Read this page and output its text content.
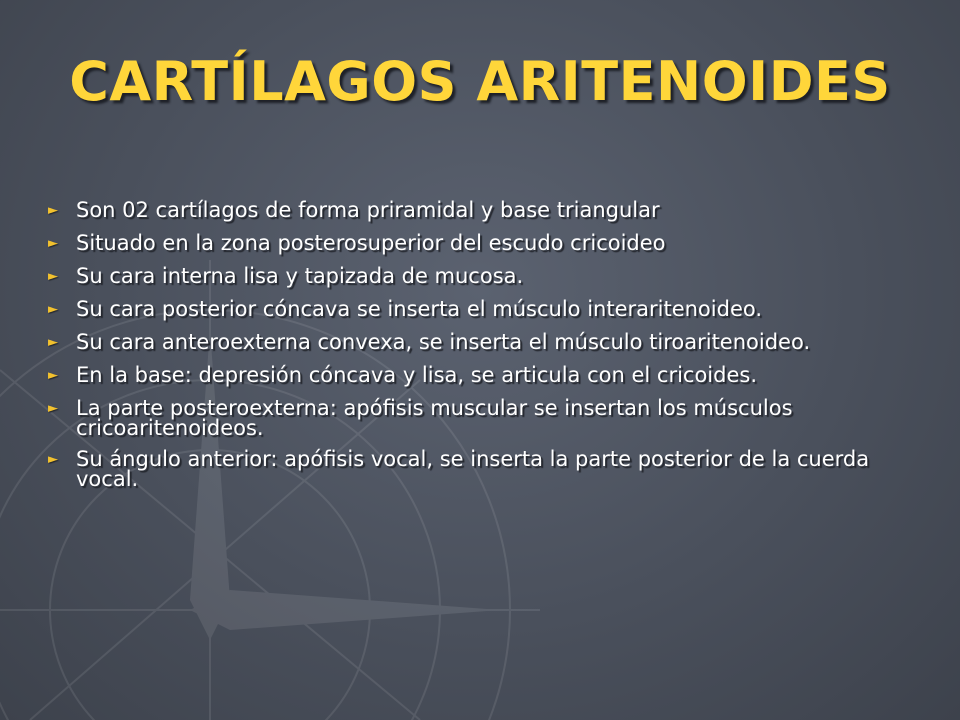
CARTÍLAGOS ARITENOIDES
► Son 02 cartílagos de forma priramidal y base triangular
► Situado en la zona posterosuperior del escudo cricoideo
► Su cara interna lisa y tapizada de mucosa.
► Su cara posterior cóncava se inserta el músculo interaritenoideo.
► Su cara anteroexterna convexa, se inserta el músculo tiroaritenoideo.
► En la base: depresión cóncava y lisa, se articula con el cricoides.
► La parte posteroexterna: apófisis muscular se insertan los músculos cricoaritenoideos.
► Su ángulo anterior: apófisis vocal, se inserta la parte posterior de la cuerda vocal.
